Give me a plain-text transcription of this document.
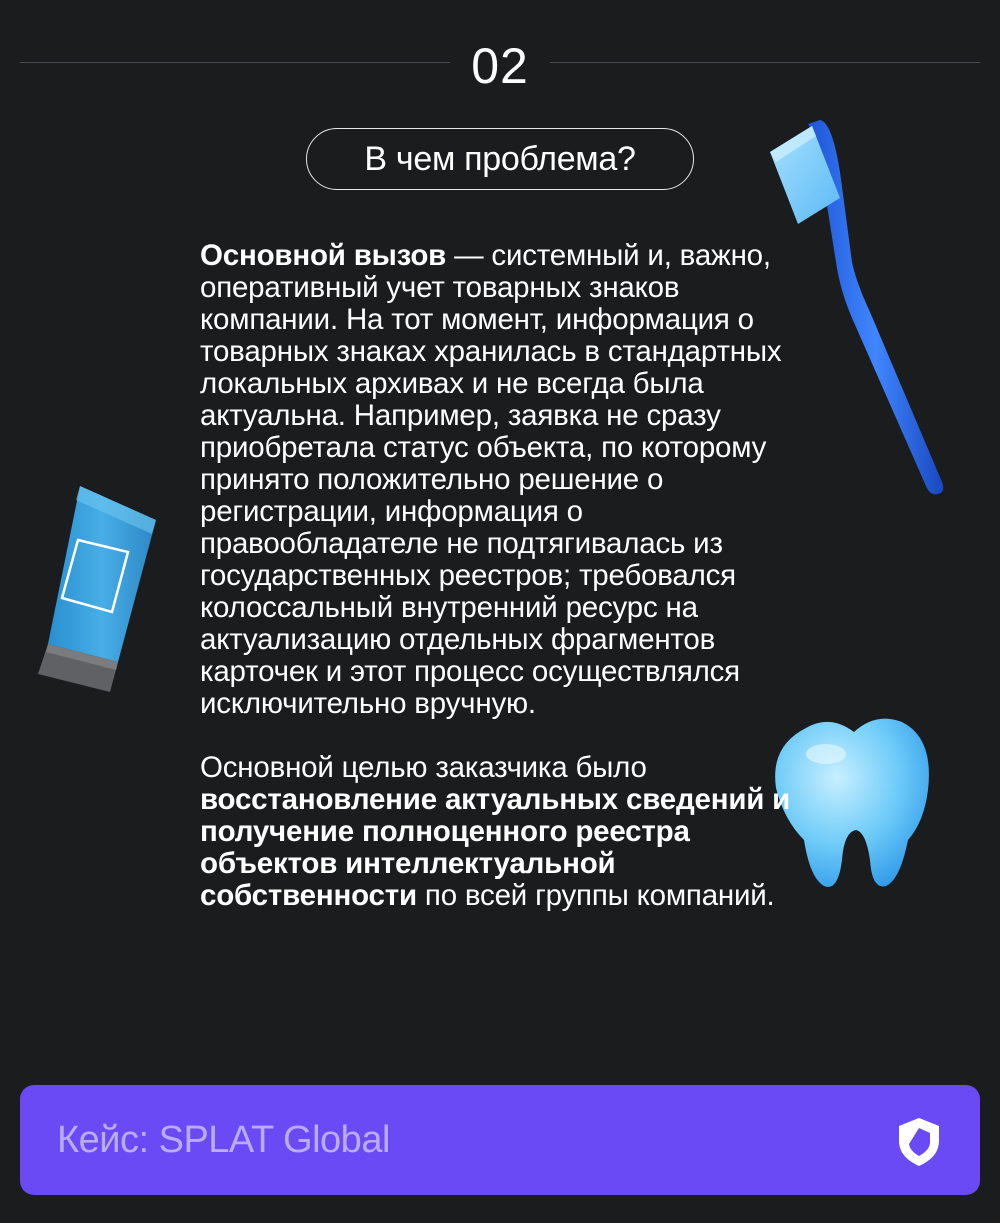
02
В чем проблема?

Основной вызов — системный и, важно, оперативный учет товарных знаков компании. На тот момент, информация о товарных знаках хранилась в стандартных локальных архивах и не всегда была актуальна. Например, заявка не сразу приобретала статус объекта, по которому принято положительно решение о регистрации, информация о правообладателе не подтягивалась из государственных реестров; требовался колоссальный внутренний ресурс на актуализацию отдельных фрагментов карточек и этот процесс осуществлялся исключительно вручную.

Основной целью заказчика было восстановление актуальных сведений и получение полноценного реестра объектов интеллектуальной собственности по всей группы компаний.

Кейс: SPLAT Global
